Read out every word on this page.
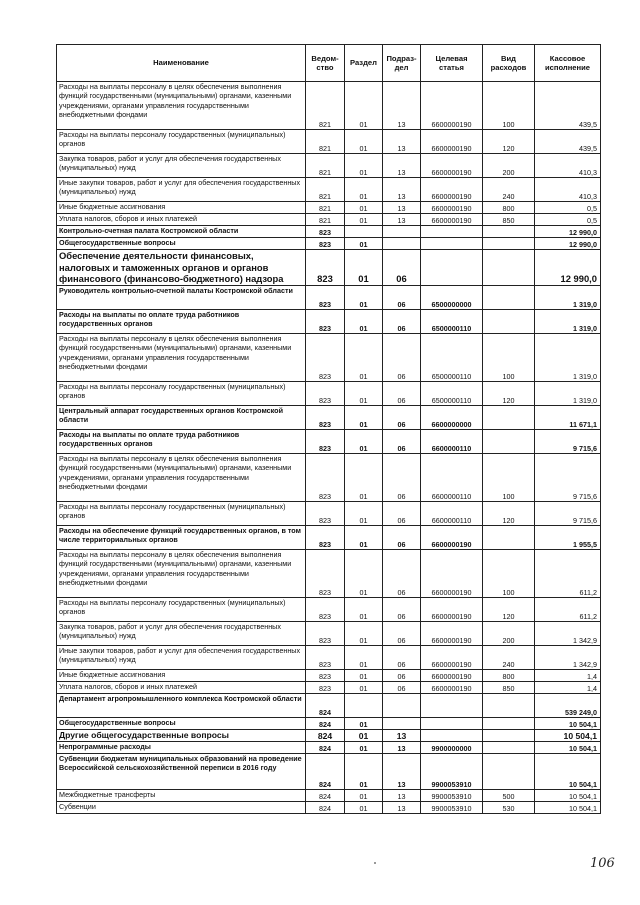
Наименование	Ведом-ство	Раздел	Подраз-дел	Целевая статья	Вид расходов	Кассовое исполнение
Расходы на выплаты персоналу в целях обеспечения выполнения функций государственными (муниципальными) органами, казенными учреждениями, органами управления государственными внебюджетными фондами	821	01	13	6600000190	100	439,5
Расходы на выплаты персоналу государственных (муниципальных) органов	821	01	13	6600000190	120	439,5
Закупка товаров, работ и услуг для обеспечения государственных (муниципальных) нужд	821	01	13	6600000190	200	410,3
Иные закупки товаров, работ и услуг для обеспечения государственных (муниципальных) нужд	821	01	13	6600000190	240	410,3
Иные бюджетные ассигнования	821	01	13	6600000190	800	0,5
Уплата налогов, сборов и иных платежей	821	01	13	6600000190	850	0,5
Контрольно-счетная палата Костромской области	823					12 990,0
Общегосударственные вопросы	823	01				12 990,0
Обеспечение деятельности финансовых, налоговых и таможенных органов и органов финансового (финансово-бюджетного) надзора	823	01	06			12 990,0
Руководитель контрольно-счетной палаты Костромской области	823	01	06	6500000000		1 319,0
Расходы на выплаты по оплате труда работников государственных органов	823	01	06	6500000110		1 319,0
Расходы на выплаты персоналу в целях обеспечения выполнения функций государственными (муниципальными) органами, казенными учреждениями, органами управления государственными внебюджетными фондами	823	01	06	6500000110	100	1 319,0
Расходы на выплаты персоналу государственных (муниципальных) органов	823	01	06	6500000110	120	1 319,0
Центральный аппарат государственных органов Костромской области	823	01	06	6600000000		11 671,1
Расходы на выплаты по оплате труда работников государственных органов	823	01	06	6600000110		9 715,6
Расходы на выплаты персоналу в целях обеспечения выполнения функций государственными (муниципальными) органами, казенными учреждениями, органами управления государственными внебюджетными фондами	823	01	06	6600000110	100	9 715,6
Расходы на выплаты персоналу государственных (муниципальных) органов	823	01	06	6600000110	120	9 715,6
Расходы на обеспечение функций государственных органов, в том числе территориальных органов	823	01	06	6600000190		1 955,5
Расходы на выплаты персоналу в целях обеспечения выполнения функций государственными (муниципальными) органами, казенными учреждениями, органами управления государственными внебюджетными фондами	823	01	06	6600000190	100	611,2
Расходы на выплаты персоналу государственных (муниципальных) органов	823	01	06	6600000190	120	611,2
Закупка товаров, работ и услуг для обеспечения государственных (муниципальных) нужд	823	01	06	6600000190	200	1 342,9
Иные закупки товаров, работ и услуг для обеспечения государственных (муниципальных) нужд	823	01	06	6600000190	240	1 342,9
Иные бюджетные ассигнования	823	01	06	6600000190	800	1,4
Уплата налогов, сборов и иных платежей	823	01	06	6600000190	850	1,4
Департамент агропромышленного комплекса Костромской области	824					539 249,0
Общегосударственные вопросы	824	01				10 504,1
Другие общегосударственные вопросы	824	01	13			10 504,1
Непрограммные расходы	824	01	13	9900000000		10 504,1
Субвенции бюджетам муниципальных образований на проведение Всероссийской сельскохозяйственной переписи в 2016 году	824	01	13	9900053910		10 504,1
Межбюджетные трансферты	824	01	13	9900053910	500	10 504,1
Субвенции	824	01	13	9900053910	530	10 504,1
106
